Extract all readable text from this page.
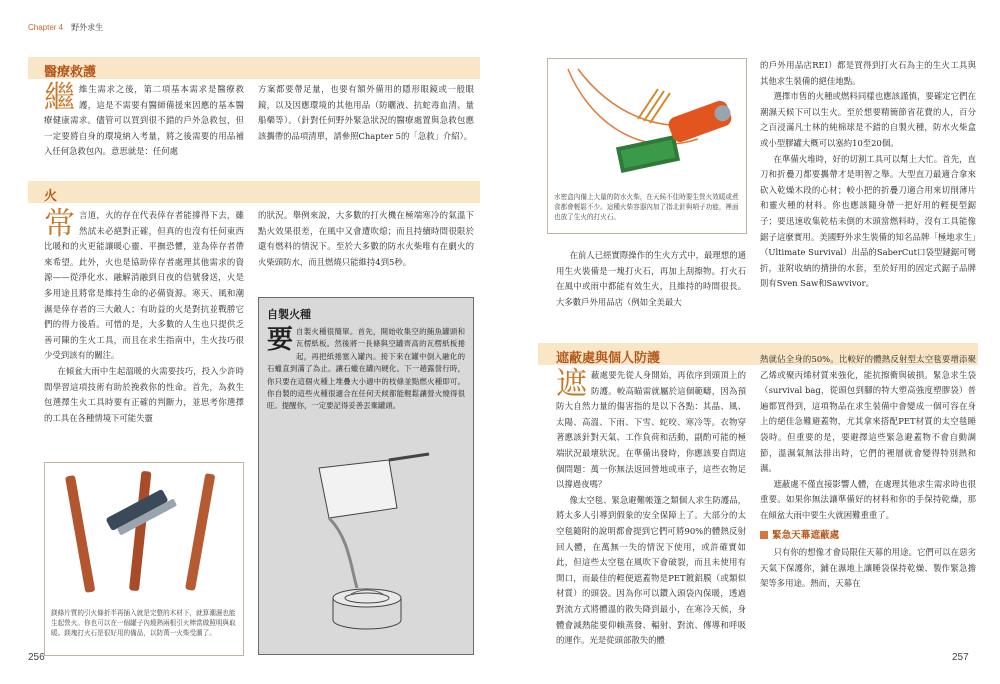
Chapter 4 野外求生
醫療救護
繼 維生需求之後，第二項基本需求是醫療救護，這是不需要有醫師備援來因應的基本醫療健康需求。儘管可以買到很不錯的戶外急救包，但一定要將自身的環境納入考量，將之後需要的用品補入任何急救包內。意思就是：任何處
方案都要帶足量，也要有額外備用的隱形眼鏡或一般眼鏡，以及因應環境的其他用品（防曬液、抗蛇毒血清、量船藥等）。（針對任何野外緊急狀況的醫療處置與急救包應該攜帶的品項清單，請參照Chapter 5的「急救」介紹）。
火
常 言道，火的存在代表倖存者能撐得下去，雖然試未必絕對正確，但真的也沒有任何東西比暖和的火更能讓暖心靈、平撫恐懼，並為倖存者帶來希望。此外，火也是協助倖存者處理其他需求的資源——從淨化水、融解消融到日夜的信號發送，火是多用途且將常是維持生命的必備資源。寒天、風和潮濕是倖存者的三大敵人；有助益的火是對抗並戰勝它們的得力後盾。可惜的是，大多數的人生也只提供乏善可陳的生火工具，而且在求生指南中，生火技巧很少受到該有的關注。

在傾盆大雨中生起溫暖的火需要技巧，投入少許時間學習這項技術有助於挽救你的性命。首先，為救生包選擇生火工具時要有正確的判斷力，並思考你選擇的工具在各種情境下可能失靈

的狀況。舉例來說，大多數的打火機在極端寒冷的氣溫下點火效果很差，在風中又會遭吹熄；而且持續時間很限於還有燃料的情況下。至於大多數的防水火柴唯有在劇火的火柴頭防水，而且燃燒只能維持4到5秒。
自製火種
要 自製火種很簡單。首先，開始收集空的鮪魚罐頭和瓦楞紙板。然後將一長條與空罐齊高的瓦楞紙板捲起，再把紙捲塞入罐內。接下來在罐中倒入融化的石蠟直到滿了為止。讓石蠟在罐內硬化。下一趟露營行時，你只要在這個火種上堆疊大小適中的枝條並點燃火種即可。你自製的這些火種很適合在任何天候都能輕鬆讓營火燒得很旺。提醒你，一定要記得妥善丟棄罐頭。
鎂條片質的引火條折半再插入就是完整的木材下，就算潮濕也能生起營火。你也可以在一個罐子內燒熱兩根引火棒當做照明與取暖。鎂塊打火石是很好用的備品，以防萬一火柴受潮了。
256
水密盒內備上大量的防水火柴，在天候不佳時要生營火效暖或煮食都會輕鬆不少。這種火柴容器內加了指北針與哨子功能，裡面也放了生火的打火石。

在前人已經實際操作的生火方式中，最理想的通用生火裝備是一塊打火石，再加上刮擦物。打火石在風中或雨中都能有效生火，且維持的時間很長。大多數戶外用品店（例如全美最大

的戶外用品店REI）都是買得到打火石為主的生火工具與其他求生裝備的絕佳地點。

選擇市售的火種或燃料同樣也應該謹慎，要確定它們在潮濕天候下可以生火。至於想要精簡節省花費的人，百分之百浸滿凡士林的純棉球是不錯的自製火種，防水火柴盒或小型膠罐大概可以塞約10至20個。

在準備火堆時，好的切割工具可以幫上大忙。首先，直刀和折疊刀都要攜帶才是明智之舉。大型直刀最適合拿來砍入乾燥木段的心材；較小把的折疊刀適合用來切削薄片和靈火種的材料。你也應該隨身帶一把好用的輕便型鋸子；要迅速收集乾枯未倒的木頭當燃料時，沒有工具能像鋸子這麼實用。美國野外求生裝備的知名品牌「極地求生」（Ultimate Survival）出品的SaberCut口袋型鏈鋸可彎折，並附收納的揹掛的水套，至於好用的固定式鋸子品牌則有Sven Saw和Sawvivor。

遮蔽處與個人防護
遮 蔽處要先從人身開始，再依序到頭頂上的防護。較高瞄需就屬於這個範疇，因為預防大自然力量的傷害指的是以下各點：其晶、風、太陽、高溫、下雨、下雪、蛇咬、寒冷等。衣物穿著應該針對天氣、工作負荷和活動，副酌可能的極端狀況最壞狀況。在準備出發時，你應該要自問這個問題：萬一你無法返回營地或車子，這些衣物足以撐過夜嗎？

像太空毯、緊急避難帳篷之類個人求生防護品，將太多人引導到假象的安全保障上了。大部分的太空毯隨附的說明都會提到它們可將90%的體熱反射回人體，在萬無一失的情況下使用，或許確實如此，但這些太空毯在風吹下會破裂，而且未使用有開口，而最佳的輕便遮蓋物是PET鍍鋁膜（或類似材質）的頭袋。因為你可以鑽入頭袋內保暖，透過對流方式將體溫的散失降到最小，在寒冷天候，身體會減熱能要仰賴蒸發、輻射、對流、傳導和呼吸的運作。光是從頭部散失的體

熱就佔全身的50%。比較好的體熱反射型太空毯要增添聚乙烯或聚丙烯材質來強化，能抗擦衝與破損。緊急求生袋（survival bag，從頭包到腳的特大塑高強度塑膠袋）普遍都買得到，這項物品在求生裝備中會變成一個可容在身上的絕佳急難避蓋物，尤其拿來搭配PET材質的太空毯睡袋時。但重要的是，要避擇這些緊急避蓋物不會自動調節，溫濕氣無法排出時，它們的裡層就會變得特別熱和濕。

遮蔽處不僅直接影響人體，在處理其他求生需求時也很重要。如果你無法讓準備好的材料和你的手保持乾燥，那在傾盆大雨中要生火就困難重重了。

緊急天幕遮蔽處

只有你的想像才會局限住天幕的用途。它們可以在惡劣天氣下保護你，鋪在濕地上讓睡袋保持乾燥、製作緊急擔架等多用途。熱而，天幕在

257
